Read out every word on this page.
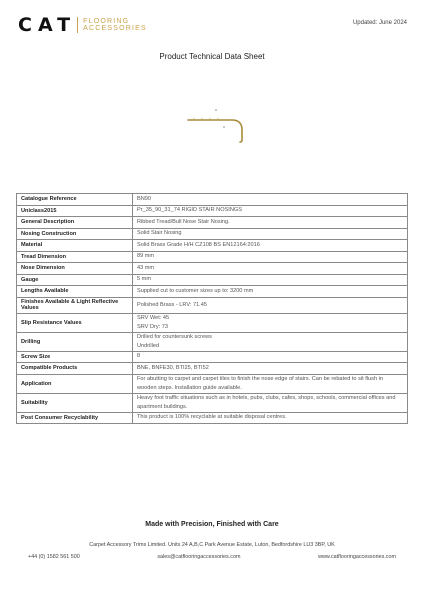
CAT FLOORING
ACCESSORIES
Updated: June 2024
Product Technical Data Sheet
Catalogue Reference	BN90
Uniclass2015	Pr_35_90_31_74 RIGID STAIR NOSINGS
General Description	Ribbed Tread/Bull Nose Stair Nosing.
Nosing Construction	Solid Stair Nosing
Material	Solid Brass Grade H/H CZ108 BS EN12164:2016
Tread Dimension	89 mm
Nose Dimension	43 mm
Gauge	5 mm
Lengths Available	Supplied cut to customer sizes up to: 3200 mm
Finishes Available & Light Reflective Values	Polished Brass - LRV: 71.45
Slip Resistance Values	SRV Wet: 45
SRV Dry: 73
Drilling	Drilled for countersunk screws
Undrilled
Screw Size	8
Compatible Products	BNE, BNFE30, BTI25, BTI52
Application	For abutting to carpet and carpet tiles to finish the nose edge of stairs. Can be rebated to sit flush in wooden steps. Installation guide available.
Suitability	Heavy foot traffic situations such as in hotels, pubs, clubs, cafes, shops, schools, commercial offices and apartment buildings.
Post Consumer Recyclability	This product is 100% recyclable at suitable disposal centres.
Made with Precision, Finished with Care
Carpet Accessory Trims Limited. Units 24 A,B,C Park Avenue Estate, Luton, Bedfordshire LU3 3BP, UK
+44 (0) 1582 561 500	sales@catflooringaccessories.com	www.catflooringaccessories.com
